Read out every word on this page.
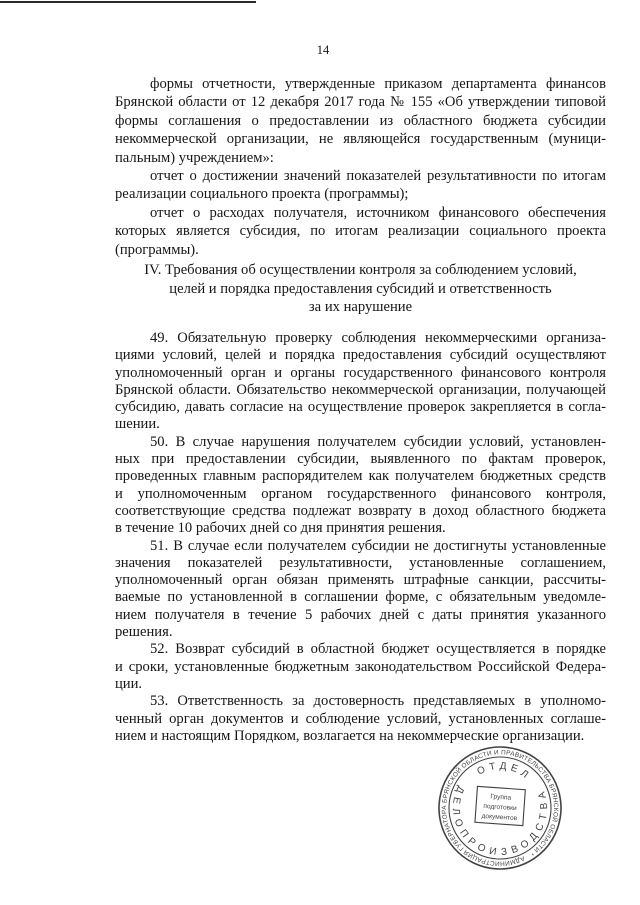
14
формы отчетности, утвержденные приказом департамента финансов
Брянской области от 12 декабря 2017 года № 155 «Об утверждении типовой
формы соглашения о предоставлении из областного бюджета субсидии
некоммерческой организации, не являющейся государственным (муници-
пальным) учреждением»:
отчет о достижении значений показателей результативности по итогам
реализации социального проекта (программы);
отчет о расходах получателя, источником финансового обеспечения
которых является субсидия, по итогам реализации социального проекта
(программы).
IV. Требования об осуществлении контроля за соблюдением условий,
целей и порядка предоставления субсидий и ответственность
за их нарушение
49. Обязательную проверку соблюдения некоммерческими организа-
циями условий, целей и порядка предоставления субсидий осуществляют
уполномоченный орган и органы государственного финансового контроля
Брянской области. Обязательство некоммерческой организации, получающей
субсидию, давать согласие на осуществление проверок закрепляется в согла-
шении.
50. В случае нарушения получателем субсидии условий, установлен-
ных при предоставлении субсидии, выявленного по фактам проверок,
проведенных главным распорядителем как получателем бюджетных средств
и уполномоченным органом государственного финансового контроля,
соответствующие средства подлежат возврату в доход областного бюджета
в течение 10 рабочих дней со дня принятия решения.
51. В случае если получателем субсидии не достигнуты установленные
значения показателей результативности, установленные соглашением,
уполномоченный орган обязан применять штрафные санкции, рассчиты-
ваемые по установленной в соглашении форме, с обязательным уведомле-
нием получателя в течение 5 рабочих дней с даты принятия указанного
решения.
52. Возврат субсидий в областной бюджет осуществляется в порядке
и сроки, установленные бюджетным законодательством Российской Федера-
ции.
53. Ответственность за достоверность представляемых в уполномо-
ченный орган документов и соблюдение условий, установленных соглаше-
нием и настоящим Порядком, возлагается на некоммерческие организации.
АДМИНИСТРАЦИЯ ГУБЕРНАТОРА БРЯНСКОЙ ОБЛАСТИ И ПРАВИТЕЛЬСТВА БРЯНСКОЙ ОБЛАСТИ *
ОТДЕЛ
ДЕЛОПРОИЗВОДСТВА
Группа
подготовки
документов
